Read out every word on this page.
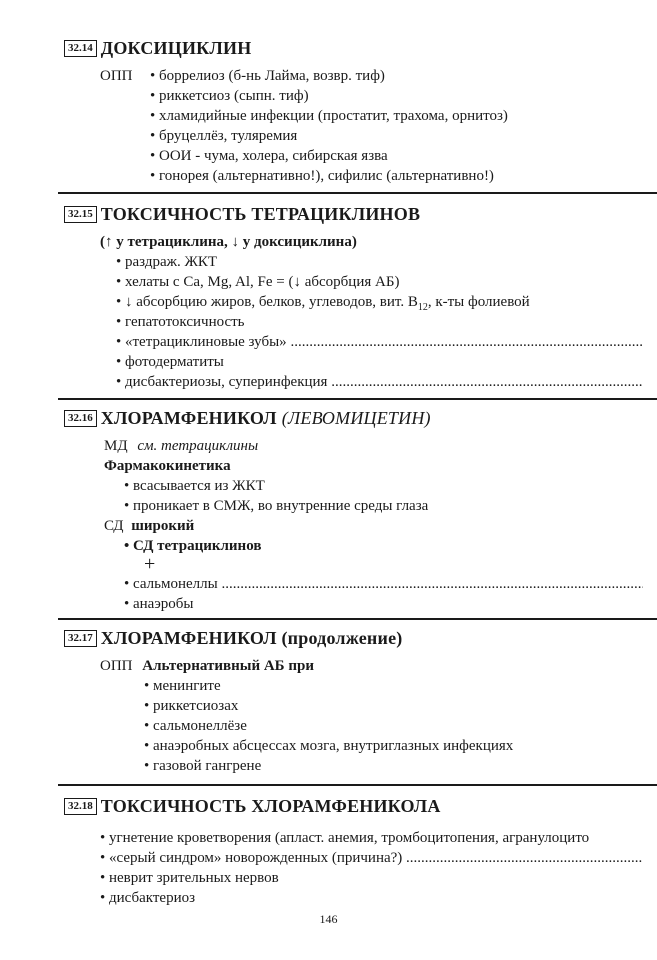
32.14 ДОКСИЦИКЛИН
ОПП • боррелиоз (б-нь Лайма, возвр. тиф)
• риккетсиоз (сыпн. тиф)
• хламидийные инфекции (простатит, трахома, орнитоз)
• бруцеллёз, туляремия
• ООИ - чума, холера, сибирская язва
• гонорея (альтернативно!), сифилис (альтернативно!)
32.15 ТОКСИЧНОСТЬ ТЕТРАЦИКЛИНОВ
(↑ у тетрациклина, ↓ у доксициклина)
• раздраж. ЖКТ
• хелаты с Ca, Mg, Al, Fe = (↓ абсорбция АБ)
• ↓ абсорбцию жиров, белков, углеводов, вит. $B_{12}$, к-ты фолиевой
• гепатотоксичность
• «тетрациклиновые зубы» .....
• фотодерматиты
• дисбактериозы, суперинфекция .....
32.16 ХЛОРАМФЕНИКОЛ (ЛЕВОМИЦЕТИН)
МД см. тетрациклины
Фармакокинетика
• всасывается из ЖКТ
• проникает в СМЖ, во внутренние среды глаза
СД широкий
• СД тетрациклинов
+
• сальмонеллы .....
• анаэробы
32.17 ХЛОРАМФЕНИКОЛ (продолжение)
ОПП Альтернативный АБ при
• менингите
• риккетсиозах
• сальмонеллёзе
• анаэробных абсцессах мозга, внутриглазных инфекциях
• газовой гангрене
32.18 ТОКСИЧНОСТЬ ХЛОРАМФЕНИКОЛА
• угнетение кроветворения (апласт. анемия, тромбоцитопения, агранулоцито
• «серый синдром» новорожденных (причина?) .....
• неврит зрительных нервов
• дисбактериоз
146
